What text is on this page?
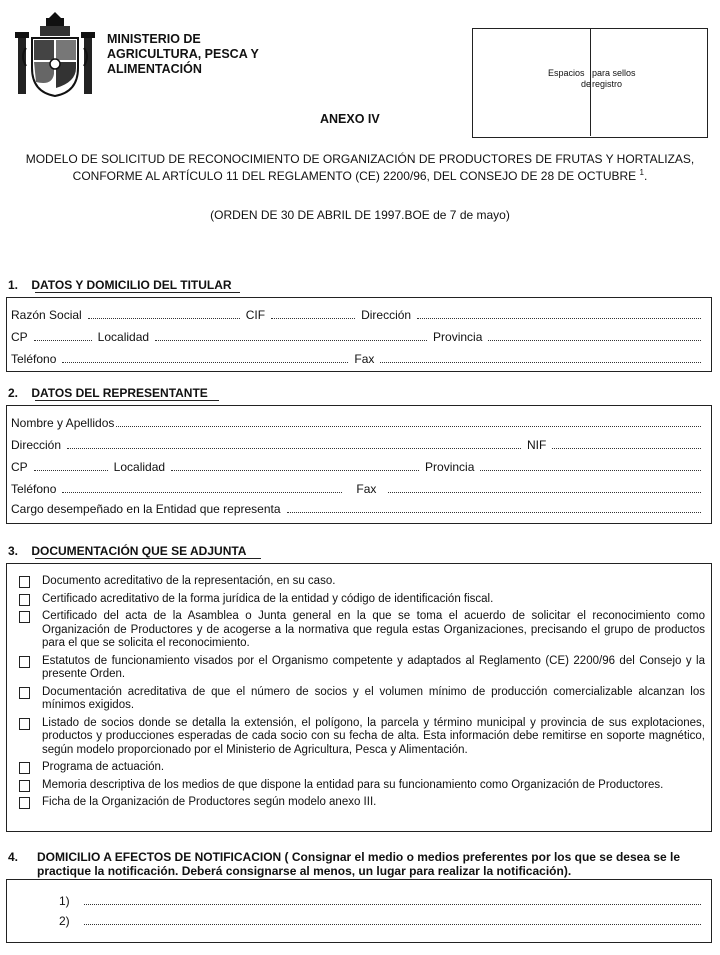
MINISTERIO DE
AGRICULTURA, PESCA Y
ALIMENTACIÓN	Espacios
de
para sellos
registro
ANEXO IV
MODELO DE SOLICITUD DE RECONOCIMIENTO DE ORGANIZACIÓN DE PRODUCTORES DE FRUTAS Y HORTALIZAS,
CONFORME AL ARTÍCULO 11 DEL REGLAMENTO (CE) 2200/96, DEL CONSEJO DE 28 DE OCTUBRE $^1$.
(ORDEN DE 30 DE ABRIL DE 1997.BOE de 7 de mayo)
1.    DATOS Y DOMICILIO DEL TITULAR
Razón Social	CIF	Dirección
CP	Localidad	Provincia
Teléfono	Fax
2.    DATOS DEL REPRESENTANTE
Nombre y Apellidos
Dirección	NIF
CP	Localidad	Provincia
Teléfono	Fax
Cargo desempeñado en la Entidad que representa
3.    DOCUMENTACIÓN QUE SE ADJUNTA
Documento acreditativo de la representación, en su caso.
Certificado acreditativo de la forma jurídica de la entidad y código de identificación fiscal.
Certificado del acta de la Asamblea o Junta general en la que se toma el acuerdo de solicitar el reconocimiento como Organización de Productores y de acogerse a la normativa que regula estas Organizaciones, precisando el grupo de productos para el que se solicita el reconocimiento.
Estatutos de funcionamiento visados por el Organismo competente y adaptados al Reglamento (CE) 2200/96 del Consejo y la presente Orden.
Documentación acreditativa de que el número de socios y el volumen mínimo de producción comercializable alcanzan los mínimos exigidos.
Listado de socios donde se detalla la extensión, el polígono, la parcela y término municipal y provincia de sus explotaciones, productos y producciones esperadas de cada socio con su fecha de alta. Esta información debe remitirse en soporte magnético, según modelo proporcionado por el Ministerio de Agricultura, Pesca y Alimentación.
Programa de actuación.
Memoria descriptiva de los medios de que dispone la entidad para su funcionamiento como Organización de Productores.
Ficha de la Organización de Productores según modelo anexo III.
4. DOMICILIO A EFECTOS DE NOTIFICACION ( Consignar el medio o medios preferentes por los que se desea se le
practique la notificación. Deberá consignarse al menos, un lugar para realizar la notificación).
1)
2)
